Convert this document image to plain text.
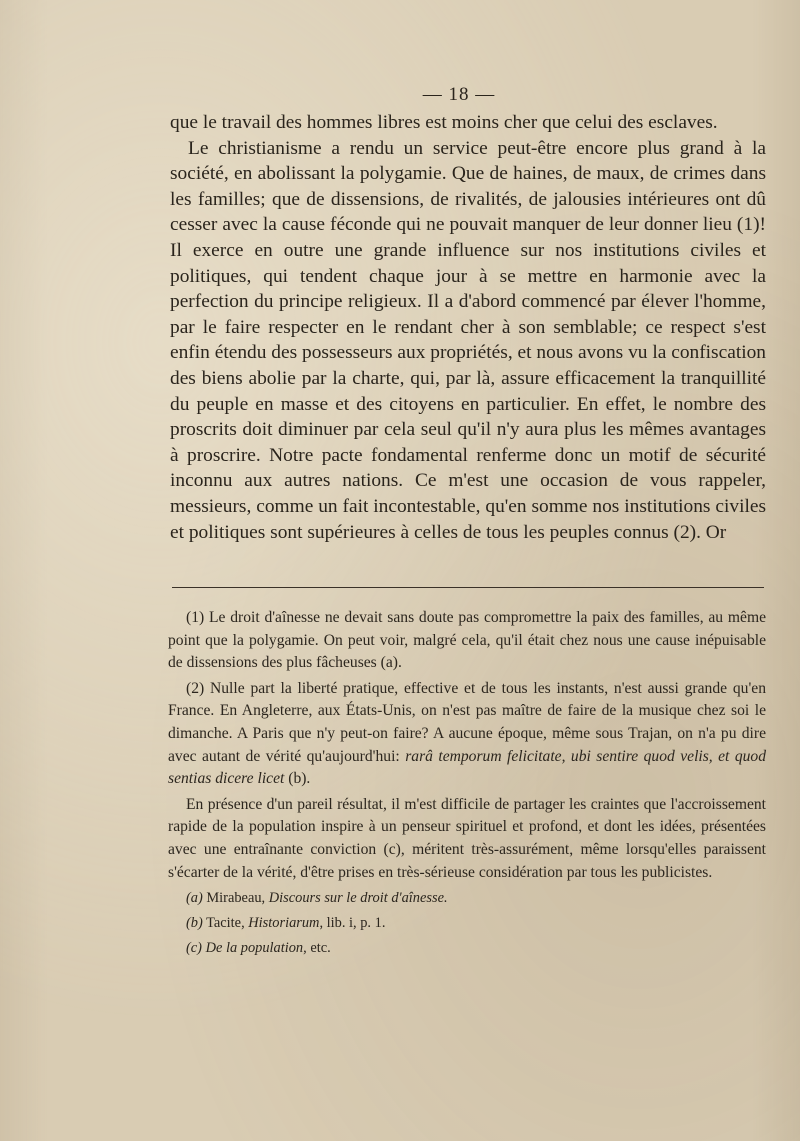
— 18 —

que le travail des hommes libres est moins cher que celui des esclaves.

Le christianisme a rendu un service peut-être encore plus grand à la société, en abolissant la polygamie. Que de haines, de maux, de crimes dans les familles; que de dissensions, de rivalités, de jalousies intérieures ont dû cesser avec la cause féconde qui ne pouvait manquer de leur donner lieu (1)! Il exerce en outre une grande influence sur nos institutions civiles et politiques, qui tendent chaque jour à se mettre en harmonie avec la perfection du principe religieux. Il a d'abord commencé par élever l'homme, par le faire respecter en le rendant cher à son semblable; ce respect s'est enfin étendu des possesseurs aux propriétés, et nous avons vu la confiscation des biens abolie par la charte, qui, par là, assure efficacement la tranquillité du peuple en masse et des citoyens en particulier. En effet, le nombre des proscrits doit diminuer par cela seul qu'il n'y aura plus les mêmes avantages à proscrire. Notre pacte fondamental renferme donc un motif de sécurité inconnu aux autres nations. Ce m'est une occasion de vous rappeler, messieurs, comme un fait incontestable, qu'en somme nos institutions civiles et politiques sont supérieures à celles de tous les peuples connus (2). Or

(1) Le droit d'aînesse ne devait sans doute pas compromettre la paix des familles, au même point que la polygamie. On peut voir, malgré cela, qu'il était chez nous une cause inépuisable de dissensions des plus fâcheuses (a).

(2) Nulle part la liberté pratique, effective et de tous les instants, n'est aussi grande qu'en France. En Angleterre, aux États-Unis, on n'est pas maître de faire de la musique chez soi le dimanche. A Paris que n'y peut-on faire? A aucune époque, même sous Trajan, on n'a pu dire avec autant de vérité qu'aujourd'hui: rarâ temporum felicitate, ubi sentire quod velis, et quod sentias dicere licet (b).

En présence d'un pareil résultat, il m'est difficile de partager les craintes que l'accroissement rapide de la population inspire à un penseur spirituel et profond, et dont les idées, présentées avec une entraînante conviction (c), méritent très-assurément, même lorsqu'elles paraissent s'écarter de la vérité, d'être prises en très-sérieuse considération par tous les publicistes.

(a) Mirabeau, Discours sur le droit d'aînesse.

(b) Tacite, Historiarum, lib. i, p. 1.

(c) De la population, etc.
